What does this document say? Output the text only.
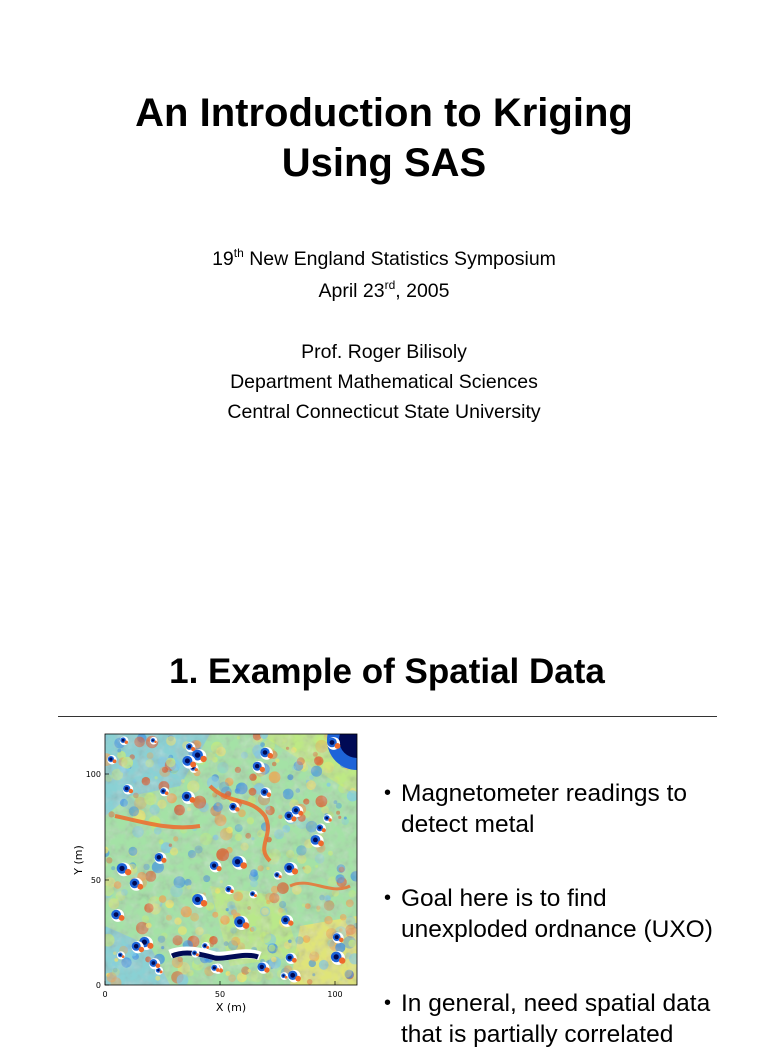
An Introduction to Kriging
Using SAS
19th New England Statistics Symposium
April 23rd, 2005
Prof. Roger Bilisoly
Department Mathematical Sciences
Central Connecticut State University
1. Example of Spatial Data
100
50
0
0	50	100
X (m)
Y (m)
• Magnetometer readings to
detect metal
• Goal here is to find
unexploded ordnance (UXO)
• In general, need spatial data
that is partially correlated
